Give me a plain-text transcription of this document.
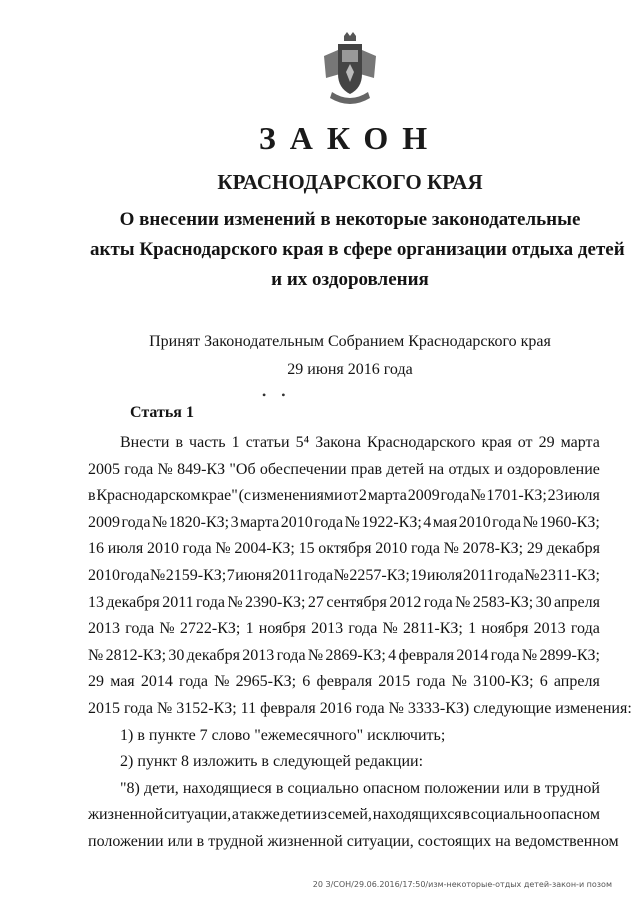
ЗАКОН
КРАСНОДАРСКОГО КРАЯ
О внесении изменений в некоторые законодательные
акты Краснодарского края в сфере организации отдыха детей
и их оздоровления
Принят Законодательным Собранием Краснодарского края
29 июня 2016 года
• •
Статья 1
Внести в часть 1 статьи 5⁴ Закона Краснодарского края от 29 марта
2005 года № 849-КЗ "Об обеспечении прав детей на отдых и оздоровление
в Краснодарском крае" (с изменениями от 2 марта 2009 года № 1701-КЗ; 23 июля
2009 года № 1820-КЗ; 3 марта 2010 года № 1922-КЗ; 4 мая 2010 года № 1960-КЗ;
16 июля 2010 года № 2004-КЗ; 15 октября 2010 года № 2078-КЗ; 29 декабря
2010 года № 2159-КЗ; 7 июня 2011 года № 2257-КЗ; 19 июля 2011 года № 2311-КЗ;
13 декабря 2011 года № 2390-КЗ; 27 сентября 2012 года № 2583-КЗ; 30 апреля
2013 года № 2722-КЗ; 1 ноября 2013 года № 2811-КЗ; 1 ноября 2013 года
№ 2812-КЗ; 30 декабря 2013 года № 2869-КЗ; 4 февраля 2014 года № 2899-КЗ;
29 мая 2014 года № 2965-КЗ; 6 февраля 2015 года № 3100-КЗ; 6 апреля
2015 года № 3152-КЗ; 11 февраля 2016 года № 3333-КЗ) следующие изменения:
1) в пункте 7 слово "ежемесячного" исключить;
2) пункт 8 изложить в следующей редакции:
"8) дети, находящиеся в социально опасном положении или в трудной
жизненной ситуации, а также дети из семей, находящихся в социально опасном
положении или в трудной жизненной ситуации, состоящих на ведомственном
20 З/СОН/29.06.2016/17:50/изм-некоторые-отдых детей-закон-и позом
